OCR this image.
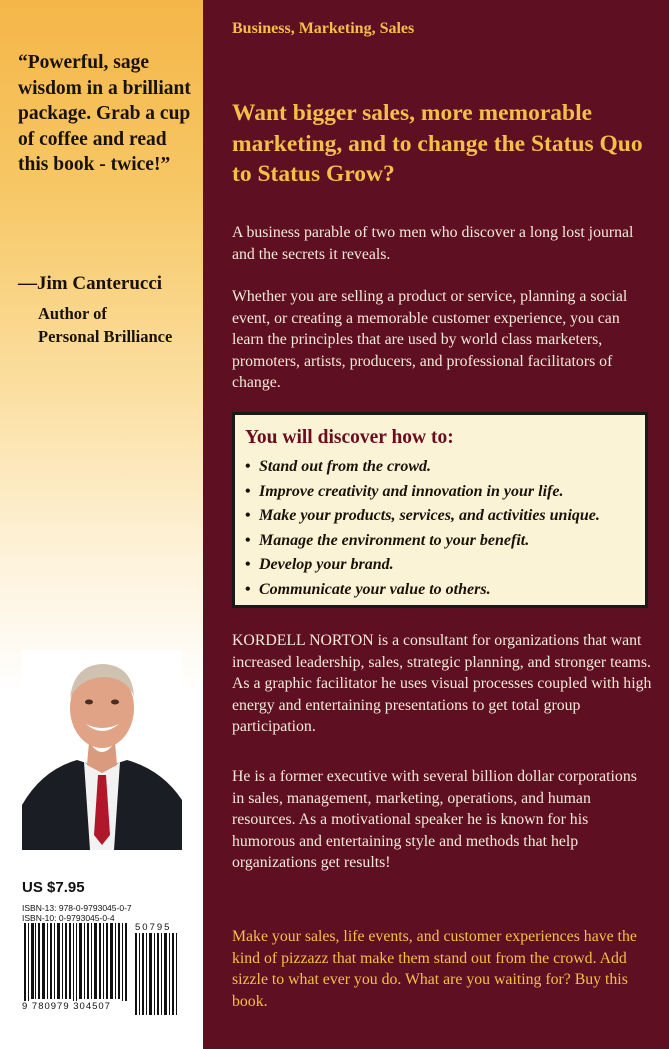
“Powerful, sage wisdom in a brilliant package. Grab a cup of coffee and read this book - twice!”

—Jim Canterucci
Author of
Personal Brilliance
US $7.95
ISBN-13: 978-0-9793045-0-7
ISBN-10: 0-9793045-0-4
9 780979 304507
50795
Business, Marketing, Sales

Want bigger sales, more memorable marketing, and to change the Status Quo to Status Grow?

A business parable of two men who discover a long lost journal and the secrets it reveals.

Whether you are selling a product or service, planning a social event, or creating a memorable customer experience, you can learn the principles that are used by world class marketers, promoters, artists, producers, and professional facilitators of change.

You will discover how to:
• Stand out from the crowd.
• Improve creativity and innovation in your life.
• Make your products, services, and activities unique.
• Manage the environment to your benefit.
• Develop your brand.
• Communicate your value to others.

KORDELL NORTON is a consultant for organizations that want increased leadership, sales, strategic planning, and stronger teams. As a graphic facilitator he uses visual processes coupled with high energy and entertaining presentations to get total group participation.

He is a former executive with several billion dollar corporations in sales, management, marketing, operations, and human resources. As a motivational speaker he is known for his humorous and entertaining style and methods that help organizations get results!

Make your sales, life events, and customer experiences have the kind of pizzazz that make them stand out from the crowd. Add sizzle to what ever you do. What are you waiting for? Buy this book.
